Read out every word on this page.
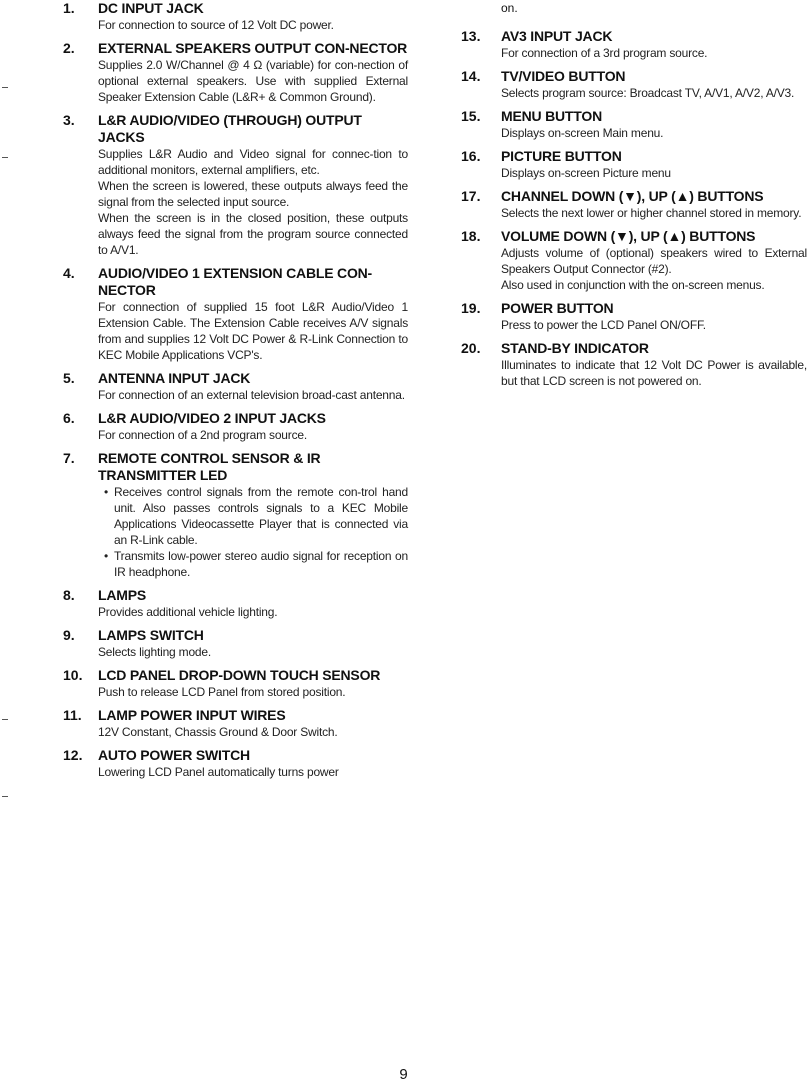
1. DC INPUT JACK
For connection to source of 12 Volt DC power.
2. EXTERNAL SPEAKERS OUTPUT CON-NECTOR
Supplies 2.0 W/Channel @ 4 Ω (variable) for con-nection of optional external speakers. Use with supplied External Speaker Extension Cable (L&R+ & Common Ground).
3. L&R AUDIO/VIDEO (THROUGH) OUTPUT JACKS
Supplies L&R Audio and Video signal for connec-tion to additional monitors, external amplifiers, etc.
When the screen is lowered, these outputs always feed the signal from the selected input source.
When the screen is in the closed position, these outputs always feed the signal from the program source connected to A/V1.
4. AUDIO/VIDEO 1 EXTENSION CABLE CON-NECTOR
For connection of supplied 15 foot L&R Audio/Video 1 Extension Cable. The Extension Cable receives A/V signals from and supplies 12 Volt DC Power & R-Link Connection to KEC Mobile Applications VCP's.
5. ANTENNA INPUT JACK
For connection of an external television broad-cast antenna.
6. L&R AUDIO/VIDEO 2 INPUT JACKS
For connection of a 2nd program source.
7. REMOTE CONTROL SENSOR & IR TRANSMITTER LED
• Receives control signals from the remote con-trol hand unit. Also passes controls signals to a KEC Mobile Applications Videocassette Player that is connected via an R-Link cable.
• Transmits low-power stereo audio signal for reception on IR headphone.
8. LAMPS
Provides additional vehicle lighting.
9. LAMPS SWITCH
Selects lighting mode.
10. LCD PANEL DROP-DOWN TOUCH SENSOR
Push to release LCD Panel from stored position.
11. LAMP POWER INPUT WIRES
12V Constant, Chassis Ground & Door Switch.
12. AUTO POWER SWITCH
Lowering LCD Panel automatically turns power
on.
13. AV3 INPUT JACK
For connection of a 3rd program source.
14. TV/VIDEO BUTTON
Selects program source: Broadcast TV, A/V1, A/V2, A/V3.
15. MENU BUTTON
Displays on-screen Main menu.
16. PICTURE BUTTON
Displays on-screen Picture menu
17. CHANNEL DOWN (▼), UP (▲) BUTTONS
Selects the next lower or higher channel stored in memory.
18. VOLUME DOWN (▼), UP (▲) BUTTONS
Adjusts volume of (optional) speakers wired to External Speakers Output Connector (#2).
Also used in conjunction with the on-screen menus.
19. POWER BUTTON
Press to power the LCD Panel ON/OFF.
20. STAND-BY INDICATOR
Illuminates to indicate that 12 Volt DC Power is available, but that LCD screen is not powered on.
9
